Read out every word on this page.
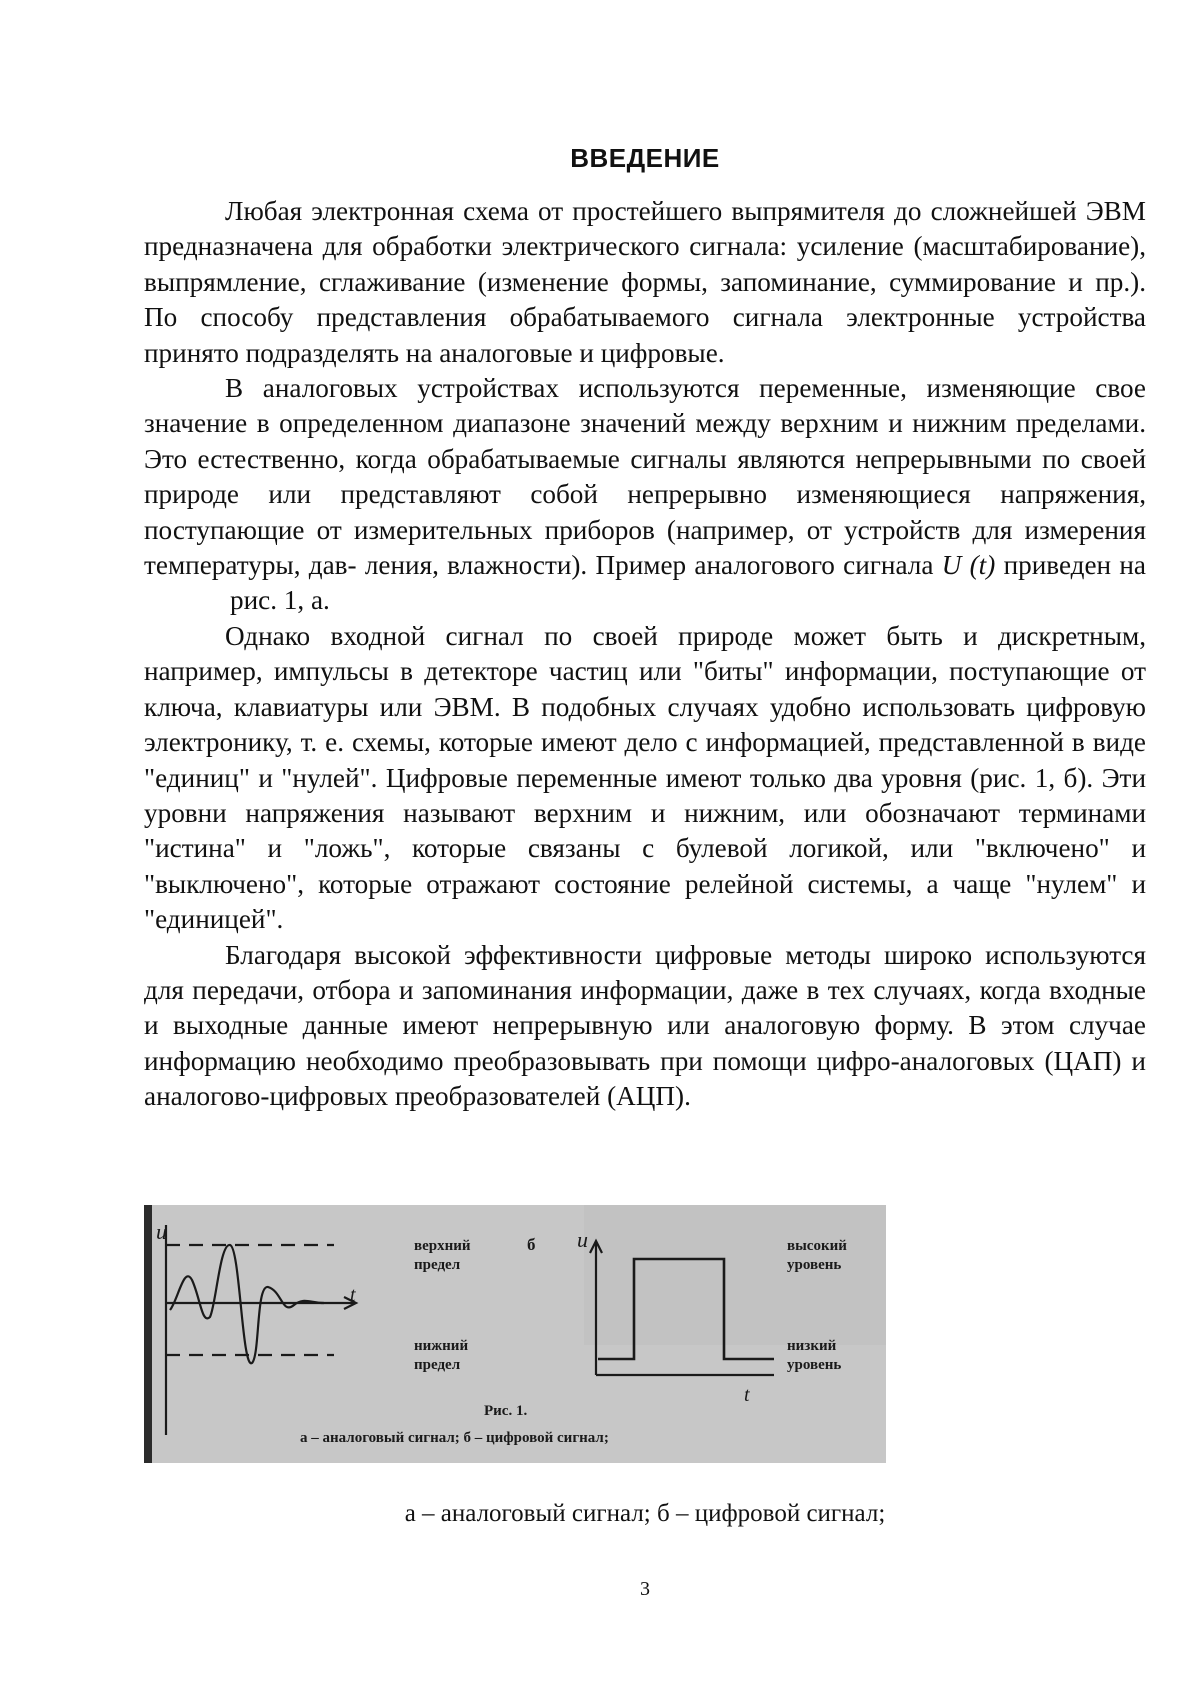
ВВЕДЕНИЕ

Любая электронная схема от простейшего выпрямителя до сложней­шей ЭВМ предназначена для обработки электрического сигнала: усиление (масштабирование), выпрямление, сглаживание (изменение формы, запоми­нание, суммирование и пр.). По способу представления обрабатываемого сигнала электронные устройства принято подразделять на аналоговые и цифровые.

В аналоговых устройствах используются переменные, изменяющие свое значение в определенном диапазоне значений между верхним и ниж­ним пределами. Это естественно, когда обрабатываемые сигналы являются непрерывными по своей природе или представляют собой непрерывно из­меняющиеся напряжения, поступающие от измерительных приборов (на­пример, от устройств для измерения температуры, дав- ления, влажности). Пример аналогового сигнала U (t) приведен нарис. 1, а.

Однако входной сигнал по своей природе может быть и дискретным, например, импульсы в детекторе частиц или "биты" информации, посту­пающие от ключа, клавиатуры или ЭВМ. В подобных случаях удобно ис­пользовать цифровую электронику, т. е. схемы, которые имеют дело с ин­формацией, представленной в виде "единиц" и "нулей". Цифровые перемен­ные имеют только два уровня (рис. 1, б). Эти уровни напряжения называют верхним и нижним, или обозначают терминами "истина" и "ложь", которые связаны с булевой логикой, или "включено" и "выключено", которые отра­жают состояние релейной системы, а чаще "нулем" и "единицей".

Благодаря высокой эффективности цифровые методы широко исполь­зуются для передачи, отбора и запоминания информации, даже в тех случа­ях, когда входные и выходные данные имеют непрерывную или аналоговую форму. В этом случае информацию необходимо преобразовывать при по­мощи цифро-аналоговых (ЦАП) и аналогово-цифровых преобразователей (АЦП).

u
t
верхний
предел
нижний
предел
б	высокий
уровень
низкий
уровень
u
t
Рис. 1.
а – аналоговый сигнал; б – цифровой сигнал;
а – аналоговый сигнал; б – цифровой сигнал;
3
